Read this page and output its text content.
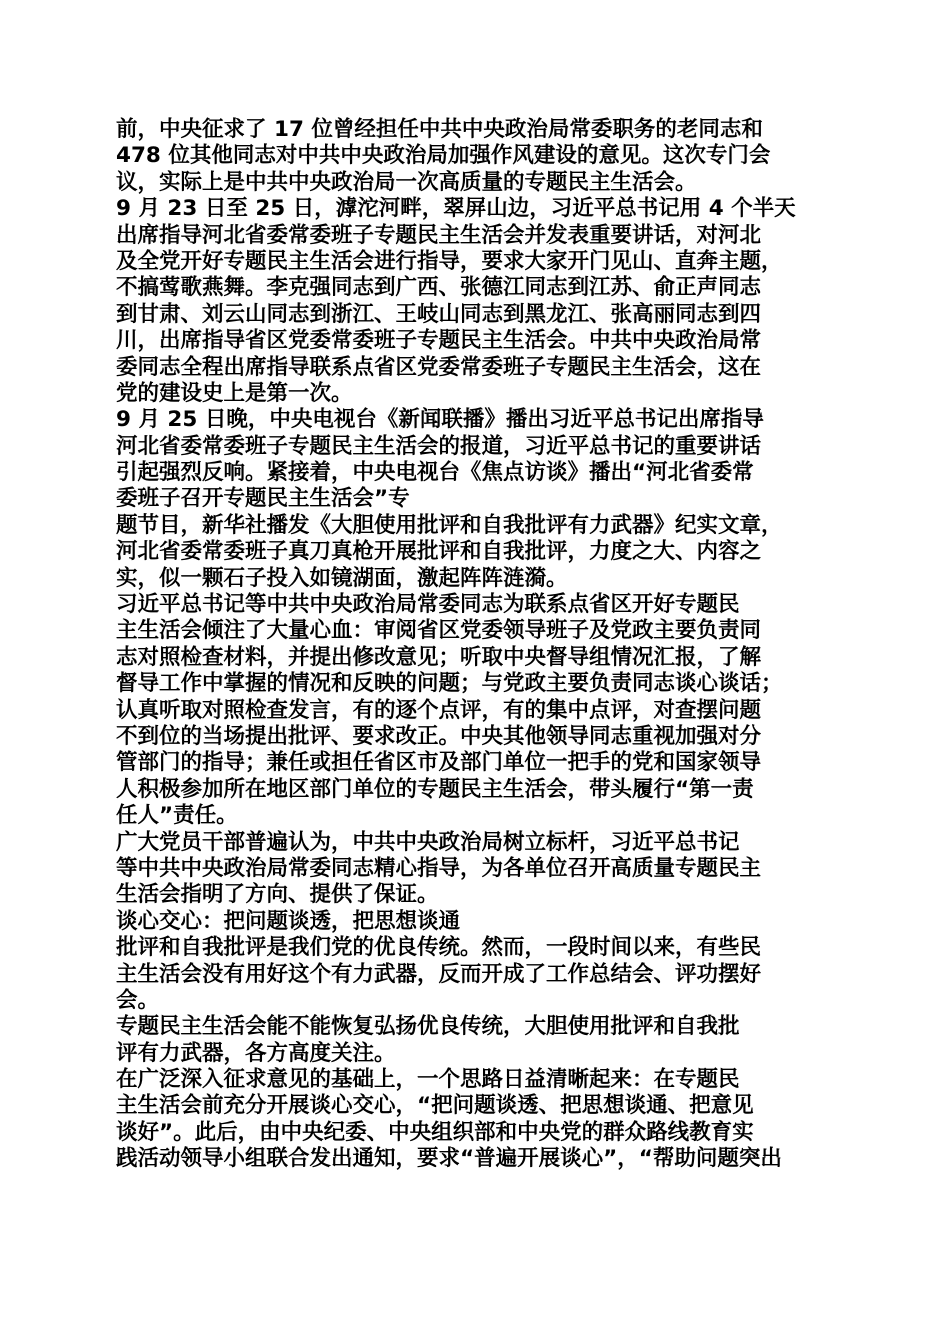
前，中央征求了 17 位曾经担任中共中央政治局常委职务的老同志和
478 位其他同志对中共中央政治局加强作风建设的意见。这次专门会
议，实际上是中共中央政治局一次高质量的专题民主生活会。
9 月 23 日至 25 日，滹沱河畔，翠屏山边，习近平总书记用 4 个半天
出席指导河北省委常委班子专题民主生活会并发表重要讲话，对河北
及全党开好专题民主生活会进行指导，要求大家开门见山、直奔主题，
不搞莺歌燕舞。李克强同志到广西、张德江同志到江苏、俞正声同志
到甘肃、刘云山同志到浙江、王岐山同志到黑龙江、张高丽同志到四
川，出席指导省区党委常委班子专题民主生活会。中共中央政治局常
委同志全程出席指导联系点省区党委常委班子专题民主生活会，这在
党的建设史上是第一次。
9 月 25 日晚，中央电视台《新闻联播》播出习近平总书记出席指导
河北省委常委班子专题民主生活会的报道，习近平总书记的重要讲话
引起强烈反响。紧接着，中央电视台《焦点访谈》播出“河北省委常
委班子召开专题民主生活会”专
题节目，新华社播发《大胆使用批评和自我批评有力武器》纪实文章，
河北省委常委班子真刀真枪开展批评和自我批评，力度之大、内容之
实，似一颗石子投入如镜湖面，激起阵阵涟漪。
习近平总书记等中共中央政治局常委同志为联系点省区开好专题民
主生活会倾注了大量心血：审阅省区党委领导班子及党政主要负责同
志对照检查材料，并提出修改意见；听取中央督导组情况汇报，了解
督导工作中掌握的情况和反映的问题；与党政主要负责同志谈心谈话；
认真听取对照检查发言，有的逐个点评，有的集中点评，对查摆问题
不到位的当场提出批评、要求改正。中央其他领导同志重视加强对分
管部门的指导；兼任或担任省区市及部门单位一把手的党和国家领导
人积极参加所在地区部门单位的专题民主生活会，带头履行“第一责
任人”责任。
广大党员干部普遍认为，中共中央政治局树立标杆，习近平总书记
等中共中央政治局常委同志精心指导，为各单位召开高质量专题民主
生活会指明了方向、提供了保证。
谈心交心：把问题谈透，把思想谈通
批评和自我批评是我们党的优良传统。然而，一段时间以来，有些民
主生活会没有用好这个有力武器，反而开成了工作总结会、评功摆好
会。
专题民主生活会能不能恢复弘扬优良传统，大胆使用批评和自我批
评有力武器，各方高度关注。
在广泛深入征求意见的基础上，一个思路日益清晰起来：在专题民
主生活会前充分开展谈心交心，“把问题谈透、把思想谈通、把意见
谈好”。此后，由中央纪委、中央组织部和中央党的群众路线教育实
践活动领导小组联合发出通知，要求“普遍开展谈心”，“帮助问题突出
